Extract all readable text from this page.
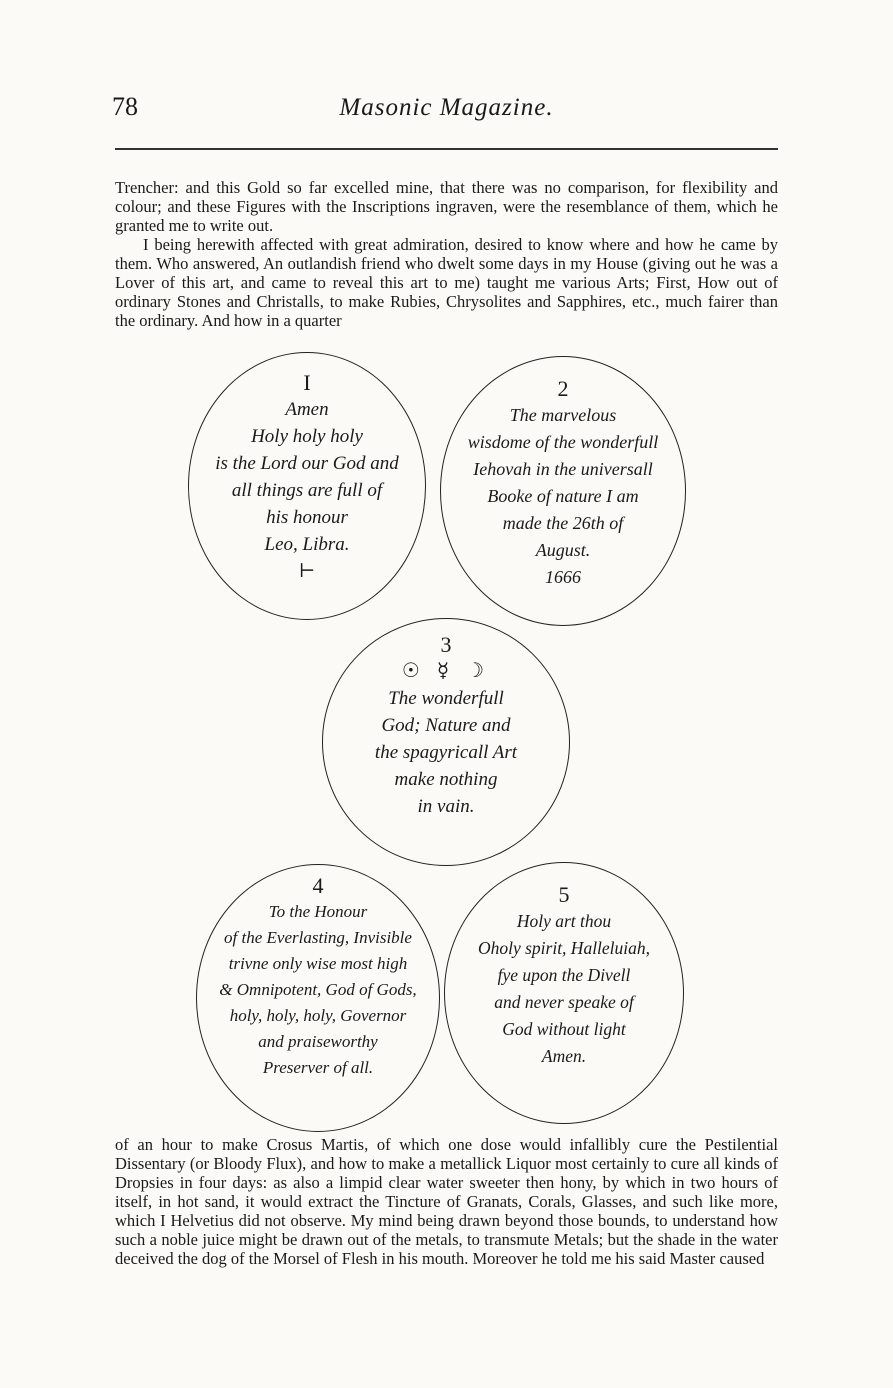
78	Masonic Magazine.

Trencher: and this Gold so far excelled mine, that there was no comparison, for flexibility and colour; and these Figures with the Inscriptions ingraven, were the resemblance of them, which he granted me to write out.

I being herewith affected with great admiration, desired to know where and how he came by them. Who answered, An outlandish friend who dwelt some days in my House (giving out he was a Lover of this art, and came to reveal this art to me) taught me various Arts; First, How out of ordinary Stones and Christalls, to make Rubies, Chrysolites and Sapphires, etc., much fairer than the ordinary. And how in a quarter

I
Amen
Holy holy holy
is the Lord our God and
all things are full of
his honour
Leo, Libra.
⊢
2
The marvelous
wisdome of the wonderfull
Iehovah in the universall
Booke of nature I am
made the 26th of
August.
1666
3
☉ ☿ ☽
The wonderfull
God; Nature and
the spagyricall Art
make nothing
in vain.
4
To the Honour
of the Everlasting, Invisible
trivne only wise most high
& Omnipotent, God of Gods,
holy, holy, holy, Governor
and praiseworthy
Preserver of all.
5
Holy art thou
Oholy spirit, Halleluiah,
fye upon the Divell
and never speake of
God without light
Amen.

of an hour to make Crosus Martis, of which one dose would infallibly cure the Pestilential Dissentary (or Bloody Flux), and how to make a metallick Liquor most certainly to cure all kinds of Dropsies in four days: as also a limpid clear water sweeter then hony, by which in two hours of itself, in hot sand, it would extract the Tincture of Granats, Corals, Glasses, and such like more, which I Helvetius did not observe. My mind being drawn beyond those bounds, to understand how such a noble juice might be drawn out of the metals, to transmute Metals; but the shade in the water deceived the dog of the Morsel of Flesh in his mouth. Moreover he told me his said Master caused
